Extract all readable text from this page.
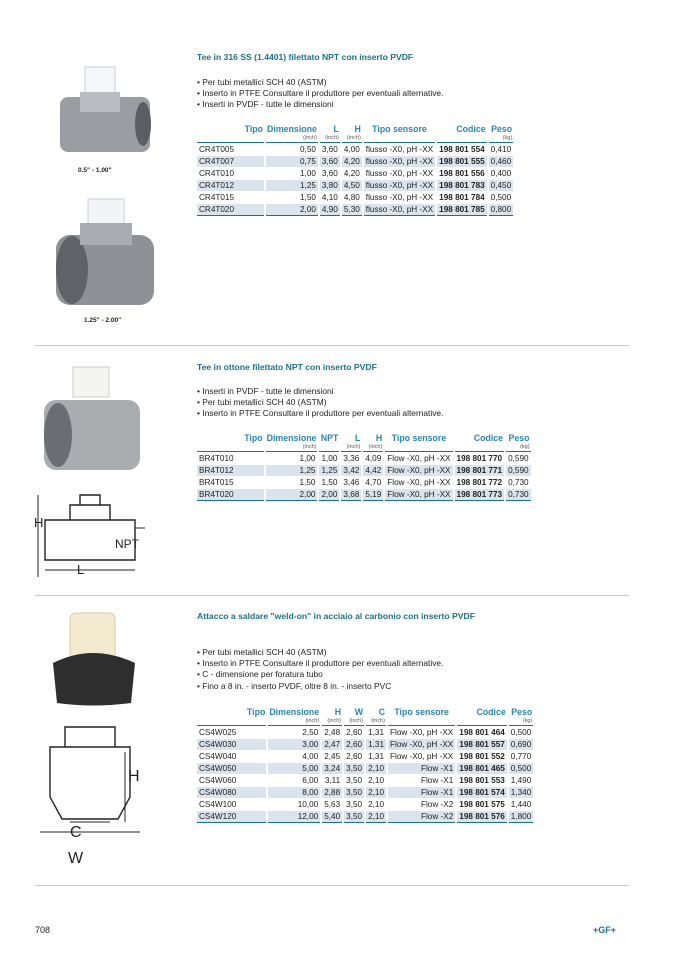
0.5" - 1.00"
1.25" - 2.00"
Tee in 316 SS (1.4401) filettato NPT con inserto PVDF
• Per tubi metallici SCH 40 (ASTM)
• Inserto in PTFE Consultare il produttore per eventuali alternative.
• Inserti in PVDF - tutte le dimensioni
Tipo	Dimensione	L	H	Tipo sensore	Codice	Peso
	(inch)	(inch)	(inch)			(kg)
CR4T005	0,50	3,60	4,00	flusso -X0, pH -XX	198 801 554	0,410
CR4T007	0,75	3,60	4,20	flusso -X0, pH -XX	198 801 555	0,460
CR4T010	1,00	3,60	4,20	flusso -X0, pH -XX	198 801 556	0,400
CR4T012	1,25	3,80	4,50	flusso -X0, pH -XX	198 801 783	0,450
CR4T015	1,50	4,10	4,80	flusso -X0, pH -XX	198 801 784	0,500
CR4T020	2,00	4,90	5,30	flusso -X0, pH -XX	198 801 785	0,800
H
NPT
L
Tee in ottone filettato NPT con inserto PVDF
• Inserti in PVDF - tutte le dimensioni
• Per tubi metallici SCH 40 (ASTM)
• Inserto in PTFE Consultare il produttore per eventuali alternative.
Tipo	Dimensione	NPT	L	H	Tipo sensore	Codice	Peso
	(inch)		(inch)	(inch)			(kg)
BR4T010	1,00	1,00	3,36	4,09	Flow -X0, pH -XX	198 801 770	0,590
BR4T012	1,25	1,25	3,42	4,42	Flow -X0, pH -XX	198 801 771	0,590
BR4T015	1,50	1,50	3,46	4,70	Flow -X0, pH -XX	198 801 772	0,730
BR4T020	2,00	2,00	3,68	5,19	Flow -X0, pH -XX	198 801 773	0,730
H
C
W
Attacco a saldare "weld-on" in acciaio al carbonio con inserto PVDF
• Per tubi metallici SCH 40 (ASTM)
• Inserto in PTFE Consultare il produttore per eventuali alternative.
• C - dimensione per foratura tubo
• Fino a 8 in. - inserto PVDF, oltre 8 in. - inserto PVC
Tipo	Dimensione	H	W	C	Tipo sensore	Codice	Peso
	(inch)	(inch)	(inch)	(inch)			(kg)
CS4W025	2,50	2,48	2,60	1,31	Flow -X0, pH -XX	198 801 464	0,500
CS4W030	3,00	2,47	2,60	1,31	Flow -X0, pH -XX	198 801 557	0,690
CS4W040	4,00	2,45	2,60	1,31	Flow -X0, pH -XX	198 801 552	0,770
CS4W050	5,00	3,24	3,50	2,10	Flow -X1	198 801 465	0,500
CS4W060	6,00	3,11	3,50	2,10	Flow -X1	198 801 553	1,490
CS4W080	8,00	2,88	3,50	2,10	Flow -X1	198 801 574	1,340
CS4W100	10,00	5,63	3,50	2,10	Flow -X2	198 801 575	1,440
CS4W120	12,00	5,40	3,50	2,10	Flow -X2	198 801 576	1,800
708	+GF+
